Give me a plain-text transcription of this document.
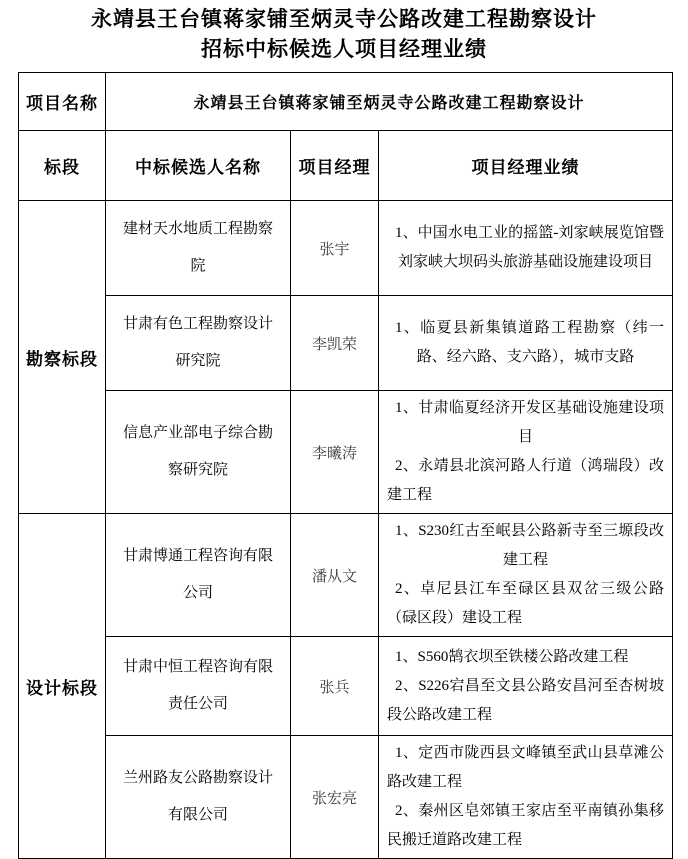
永靖县王台镇蒋家铺至炳灵寺公路改建工程勘察设计
招标中标候选人项目经理业绩
项目名称	永靖县王台镇蒋家铺至炳灵寺公路改建工程勘察设计		
标段	中标候选人名称	项目经理	项目经理业绩
勘察标段	建材天水地质工程勘察院	张宇	1、中国水电工业的摇篮-刘家峡展览馆暨刘家峡大坝码头旅游基础设施建设项目

	甘肃有色工程勘察设计研究院	李凯荣	1、临夏县新集镇道路工程勘察（纬一路、经六路、支六路），城市支路

	信息产业部电子综合勘察研究院	李曦涛	1、甘肃临夏经济开发区基础设施建设项目

2、永靖县北滨河路人行道（鸿瑞段）改建工程

设计标段	甘肃博通工程咨询有限公司	潘从文	1、S230红古至岷县公路新寺至三塬段改建工程

2、卓尼县江车至碌区县双岔三级公路（碌区段）建设工程

	甘肃中恒工程咨询有限责任公司	张兵	1、S560鹄衣坝至铁楼公路改建工程

2、S226宕昌至文县公路安昌河至杏树坡段公路改建工程

	兰州路友公路勘察设计有限公司	张宏亮	1、定西市陇西县文峰镇至武山县草滩公路改建工程

2、秦州区皂郊镇王家店至平南镇孙集移民搬迁道路改建工程
